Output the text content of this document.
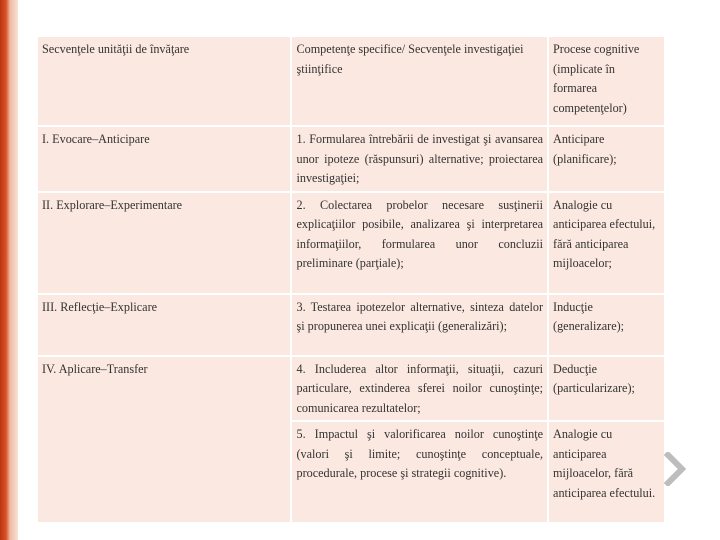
Secvenţele unităţii de învăţare	Competenţe specifice/ Secvenţele investigaţiei ştiinţifice	Procese cognitive (implicate în formarea competenţelor)
I. Evocare–Anticipare	1. Formularea întrebării de investigat şi avansarea unor ipoteze (răspunsuri) alternative; proiectarea investigaţiei;	Anticipare (planificare);
II. Explorare–Experimentare	2. Colectarea probelor necesare susţinerii explicaţiilor posibile, analizarea şi interpretarea informaţiilor, formularea unor concluzii preliminare (parţiale);	Analogie cu anticiparea efectului, fără anticiparea mijloacelor;
III. Reflecţie–Explicare	3. Testarea ipotezelor alternative, sinteza datelor şi propunerea unei explicaţii (generalizări);	Inducţie (generalizare);
IV. Aplicare–Transfer	4. Includerea altor informaţii, situaţii, cazuri particulare, extinderea sferei noilor cunoştinţe; comunicarea rezultatelor;	Deducţie (particularizare);
	5. Impactul şi valorificarea noilor cunoştinţe (valori şi limite; cunoştinţe conceptuale, procedurale, procese şi strategii cognitive).	Analogie cu anticiparea mijloacelor, fără anticiparea efectului.
